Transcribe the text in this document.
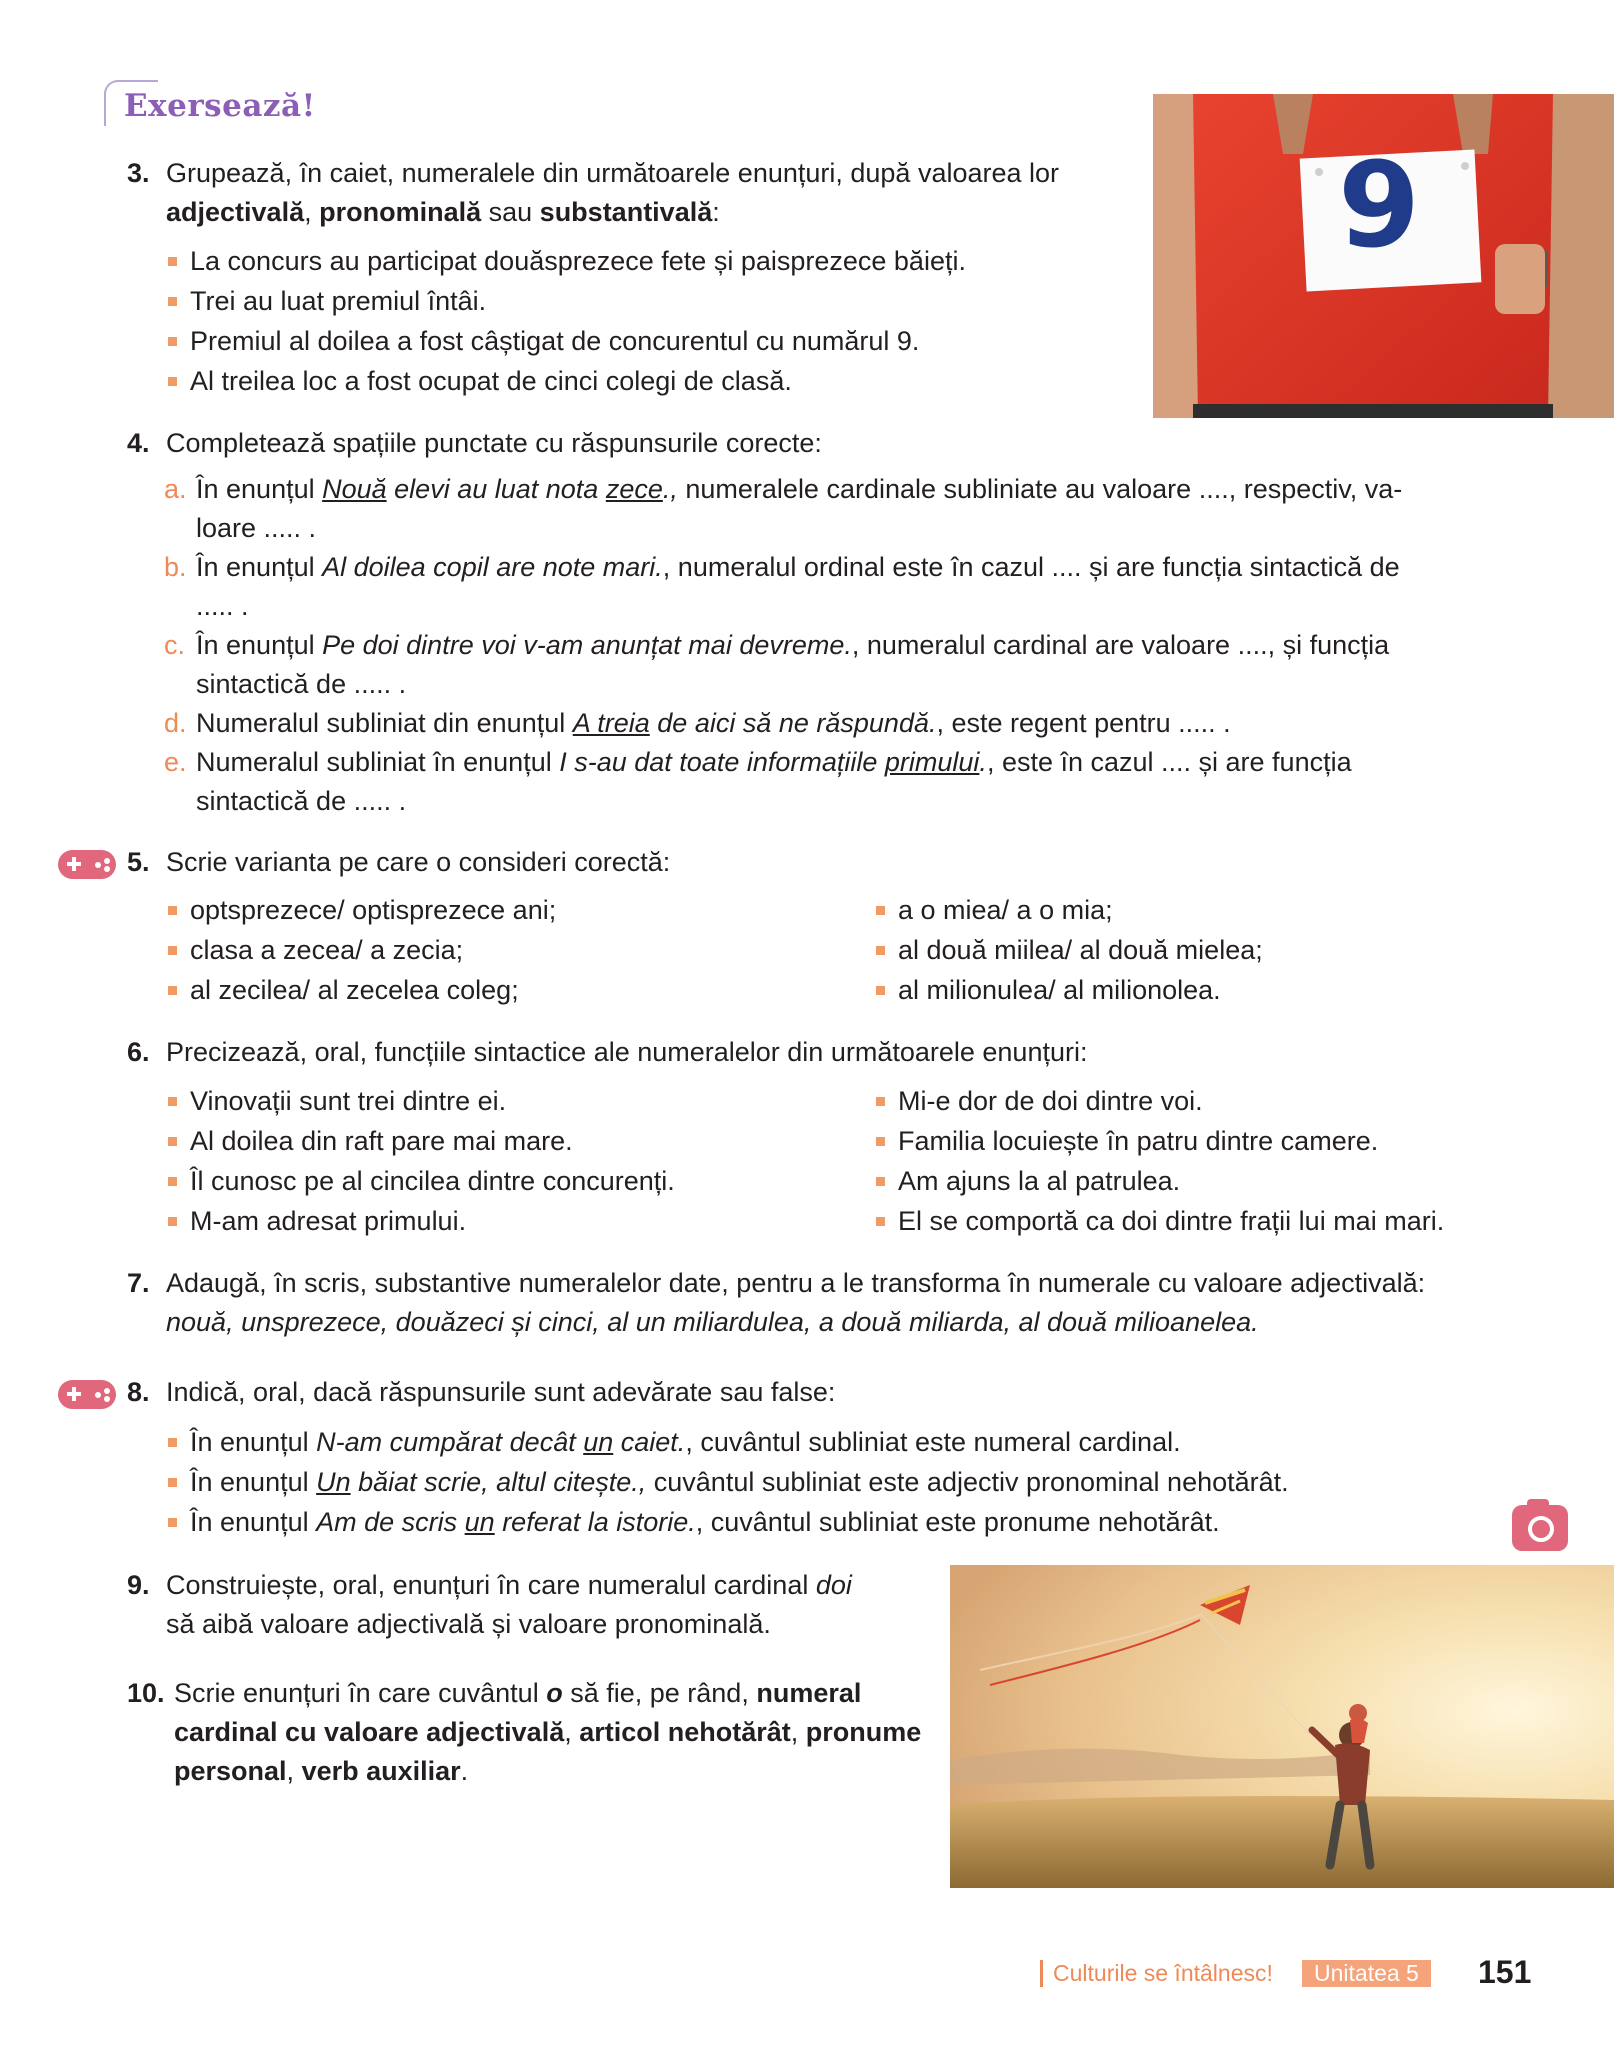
Exersează!
9
3. Grupează, în caiet, numeralele din următoarele enunțuri, după valoarea lor
adjectivală, pronominală sau substantivală:
La concurs au participat douăsprezece fete și paisprezece băieți.
Trei au luat premiul întâi.
Premiul al doilea a fost câștigat de concurentul cu numărul 9.
Al treilea loc a fost ocupat de cinci colegi de clasă.
4. Completează spațiile punctate cu răspunsurile corecte:
a. În enunțul Nouă elevi au luat nota zece., numeralele cardinale subliniate au valoare ...., respectiv, va-
loare ..... .
b. În enunțul Al doilea copil are note mari., numeralul ordinal este în cazul .... și are funcția sintactică de
..... .
c. În enunțul Pe doi dintre voi v-am anunțat mai devreme., numeralul cardinal are valoare ...., și funcția
sintactică de ..... .
d. Numeralul subliniat din enunțul A treia de aici să ne răspundă., este regent pentru ..... .
e. Numeralul subliniat în enunțul I s-au dat toate informațiile primului., este în cazul .... și are funcția
sintactică de ..... .
5. Scrie varianta pe care o consideri corectă:
optsprezece/ optisprezece ani;
clasa a zecea/ a zecia;
al zecilea/ al zecelea coleg;
a o miea/ a o mia;
al două miilea/ al două mielea;
al milionulea/ al milionolea.
6. Precizează, oral, funcțiile sintactice ale numeralelor din următoarele enunțuri:
Vinovații sunt trei dintre ei.
Al doilea din raft pare mai mare.
Îl cunosc pe al cincilea dintre concurenți.
M-am adresat primului.
Mi-e dor de doi dintre voi.
Familia locuiește în patru dintre camere.
Am ajuns la al patrulea.
El se comportă ca doi dintre frații lui mai mari.
7. Adaugă, în scris, substantive numeralelor date, pentru a le transforma în numerale cu valoare adjectivală:
nouă, unsprezece, douăzeci și cinci, al un miliardulea, a două miliarda, al două milioanelea.
8. Indică, oral, dacă răspunsurile sunt adevărate sau false:
În enunțul N-am cumpărat decât un caiet., cuvântul subliniat este numeral cardinal.
În enunțul Un băiat scrie, altul citește., cuvântul subliniat este adjectiv pronominal nehotărât.
În enunțul Am de scris un referat la istorie., cuvântul subliniat este pronume nehotărât.
9. Construiește, oral, enunțuri în care numeralul cardinal doi
să aibă valoare adjectivală și valoare pronominală.
10. Scrie enunțuri în care cuvântul o să fie, pe rând, numeral
cardinal cu valoare adjectivală, articol nehotărât, pronume
personal, verb auxiliar.
Culturile se întâlnesc!	Unitatea 5	151
